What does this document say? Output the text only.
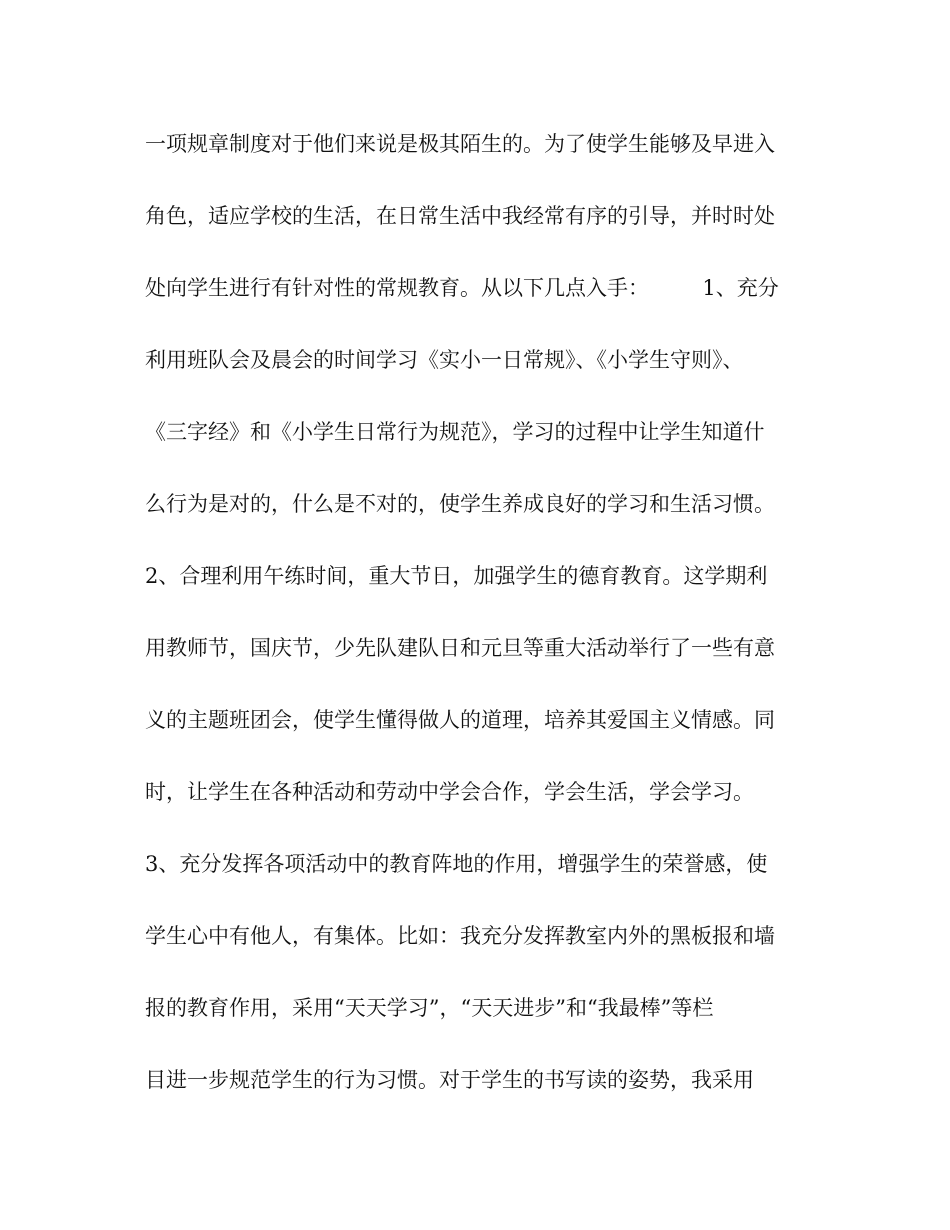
一项规章制度对于他们来说是极其陌生的。为了使学生能够及早进入
角色，适应学校的生活，在日常生活中我经常有序的引导，并时时处
处向学生进行有针对性的常规教育。从以下几点入手：        1、充分
利用班队会及晨会的时间学习《实小一日常规》、《小学生守则》、
《三字经》和《小学生日常行为规范》，学习的过程中让学生知道什
么行为是对的，什么是不对的，使学生养成良好的学习和生活习惯。
2、合理利用午练时间，重大节日，加强学生的德育教育。这学期利
用教师节，国庆节，少先队建队日和元旦等重大活动举行了一些有意
义的主题班团会，使学生懂得做人的道理，培养其爱国主义情感。同
时，让学生在各种活动和劳动中学会合作，学会生活，学会学习。
3、充分发挥各项活动中的教育阵地的作用，增强学生的荣誉感，使
学生心中有他人，有集体。比如：我充分发挥教室内外的黑板报和墙
报的教育作用，采用“天天学习”，“天天进步”和“我最棒”等栏
目进一步规范学生的行为习惯。对于学生的书写读的姿势，我采用
